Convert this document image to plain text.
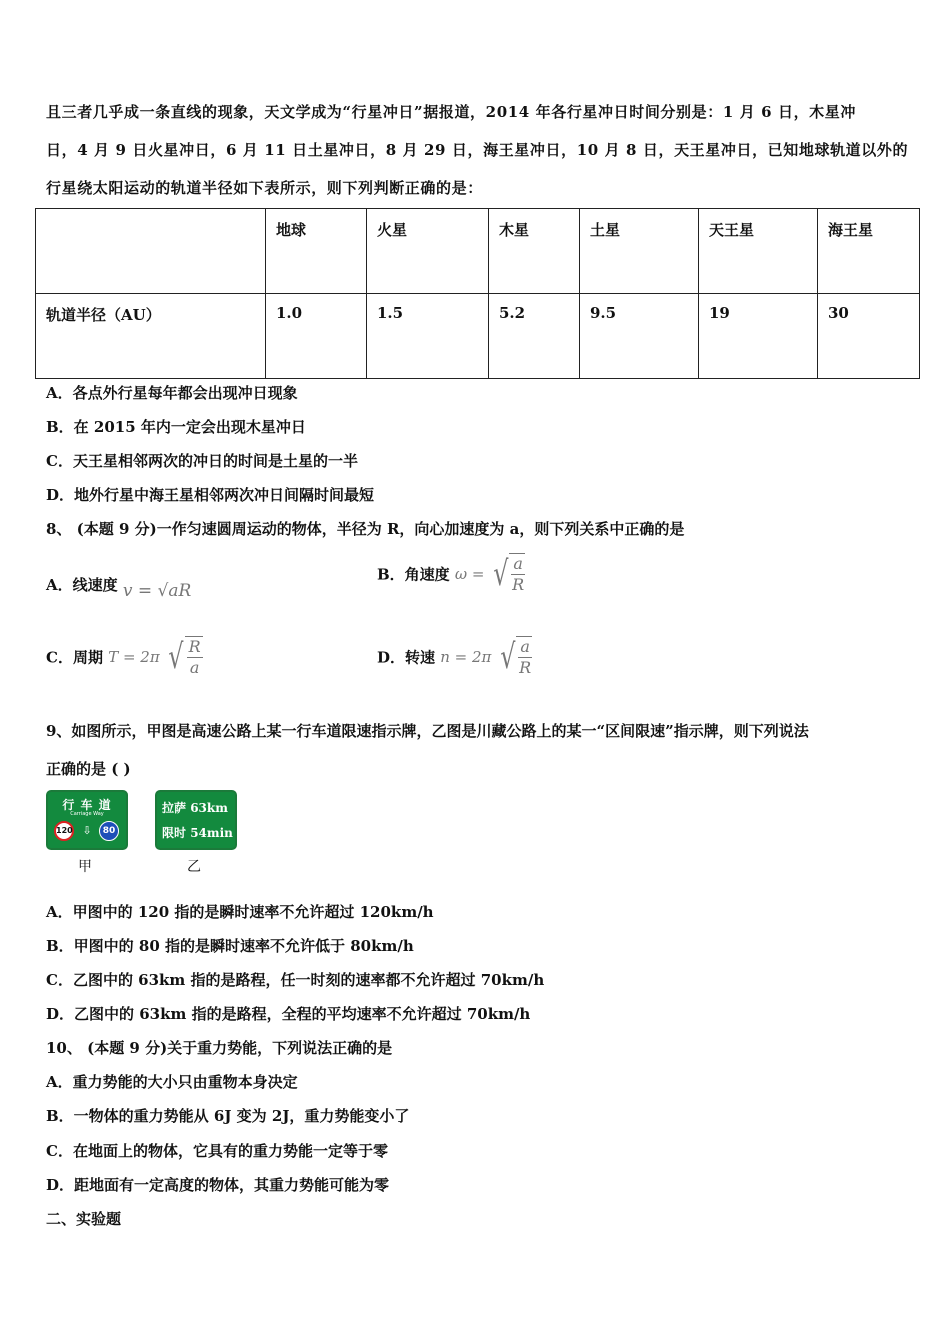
且三者几乎成一条直线的现象，天文学成为“行星冲日”据报道，2014 年各行星冲日时间分别是：1 月 6 日，木星冲
日，4 月 9 日火星冲日，6 月 11 日土星冲日，8 月 29 日，海王星冲日，10 月 8 日，天王星冲日，已知地球轨道以外的
行星绕太阳运动的轨道半径如下表所示，则下列判断正确的是：
	地球	火星	木星	土星	天王星	海王星
轨道半径（AU）	1.0	1.5	5.2	9.5	19	30
A．各点外行星每年都会出现冲日现象
B．在 2015 年内一定会出现木星冲日
C．天王星相邻两次的冲日的时间是土星的一半
D．地外行星中海王星相邻两次冲日间隔时间最短
8、 (本题 9 分)一作匀速圆周运动的物体，半径为 R，向心加速度为 a，则下列关系中正确的是
A．线速度 v = √aR
B．角速度 ω = √ $\frac{a}{R}$
C．周期 T = 2π √ $\frac{R}{a}$	D．转速 n = 2π √ $\frac{a}{R}$
9、如图所示，甲图是高速公路上某一行车道限速指示牌，乙图是川藏公路上的某一“区间限速”指示牌，则下列说法
正确的是 ( )
行 车 道
Carriage Way
120 ⇩	80
甲
拉萨 63km
限时 54min
乙
A．甲图中的 120 指的是瞬时速率不允许超过 120km/h
B．甲图中的 80 指的是瞬时速率不允许低于 80km/h
C．乙图中的 63km 指的是路程，任一时刻的速率都不允许超过 70km/h
D．乙图中的 63km 指的是路程，全程的平均速率不允许超过 70km/h
10、 (本题 9 分)关于重力势能，下列说法正确的是
A．重力势能的大小只由重物本身决定
B．一物体的重力势能从 6J 变为 2J，重力势能变小了
C．在地面上的物体，它具有的重力势能一定等于零
D．距地面有一定高度的物体，其重力势能可能为零
二、实验题
